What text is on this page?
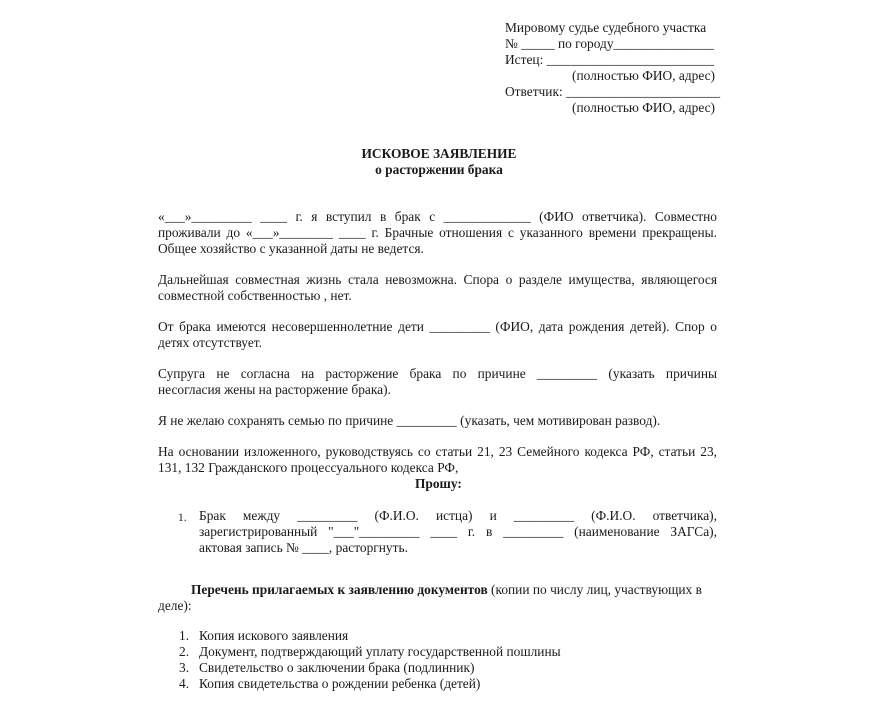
Мировому судье судебного участка
№ _____ по городу_______________
Истец: _________________________
(полностью ФИО, адрес)
Ответчик: _______________________
(полностью ФИО, адрес)
ИСКОВОЕ ЗАЯВЛЕНИЕ
о расторжении брака
«___»_________ ____ г. я вступил в брак с _____________ (ФИО ответчика). Совместно
проживали до «___»________ ____ г. Брачные отношения с указанного времени прекращены.
Общее хозяйство с указанной даты не ведется.
Дальнейшая совместная жизнь стала невозможна. Спора о разделе имущества, являющегося
совместной собственностью , нет.
От брака имеются несовершеннолетние дети _________ (ФИО, дата рождения детей). Спор о
детях отсутствует.
Супруга не согласна на расторжение брака по причине _________ (указать причины
несогласия жены на расторжение брака).
Я не желаю сохранять семью по причине _________ (указать, чем мотивирован развод).
На основании изложенного, руководствуясь со статьи 21, 23 Семейного кодекса РФ, статьи 23,
131, 132 Гражданского процессуального кодекса РФ,
Прошу:
1. Брак между _________ (Ф.И.О. истца) и _________ (Ф.И.О. ответчика),
зарегистрированный "___"_________ ____ г. в _________ (наименование ЗАГСа),
актовая запись № ____, расторгнуть.
Перечень прилагаемых к заявлению документов (копии по числу лиц, участвующих в
деле):
1. Копия искового заявления
2. Документ, подтверждающий уплату государственной пошлины
3. Свидетельство о заключении брака (подлинник)
4. Копия свидетельства о рождении ребенка (детей)
